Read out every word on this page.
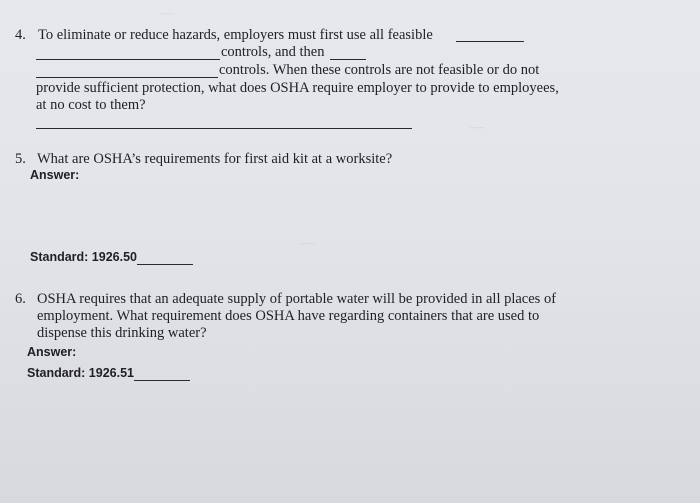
—
—
—
4. To eliminate or reduce hazards, employers must first use all feasible
controls, and then
controls. When these controls are not feasible or do not
provide sufficient protection, what does OSHA require employer to provide to employees,
at no cost to them?
5. What are OSHA’s requirements for first aid kit at a worksite?
Answer:
Standard: 1926.50
6. OSHA requires that an adequate supply of portable water will be provided in all places of
employment. What requirement does OSHA have regarding containers that are used to
dispense this drinking water?
Answer:
Standard: 1926.51
